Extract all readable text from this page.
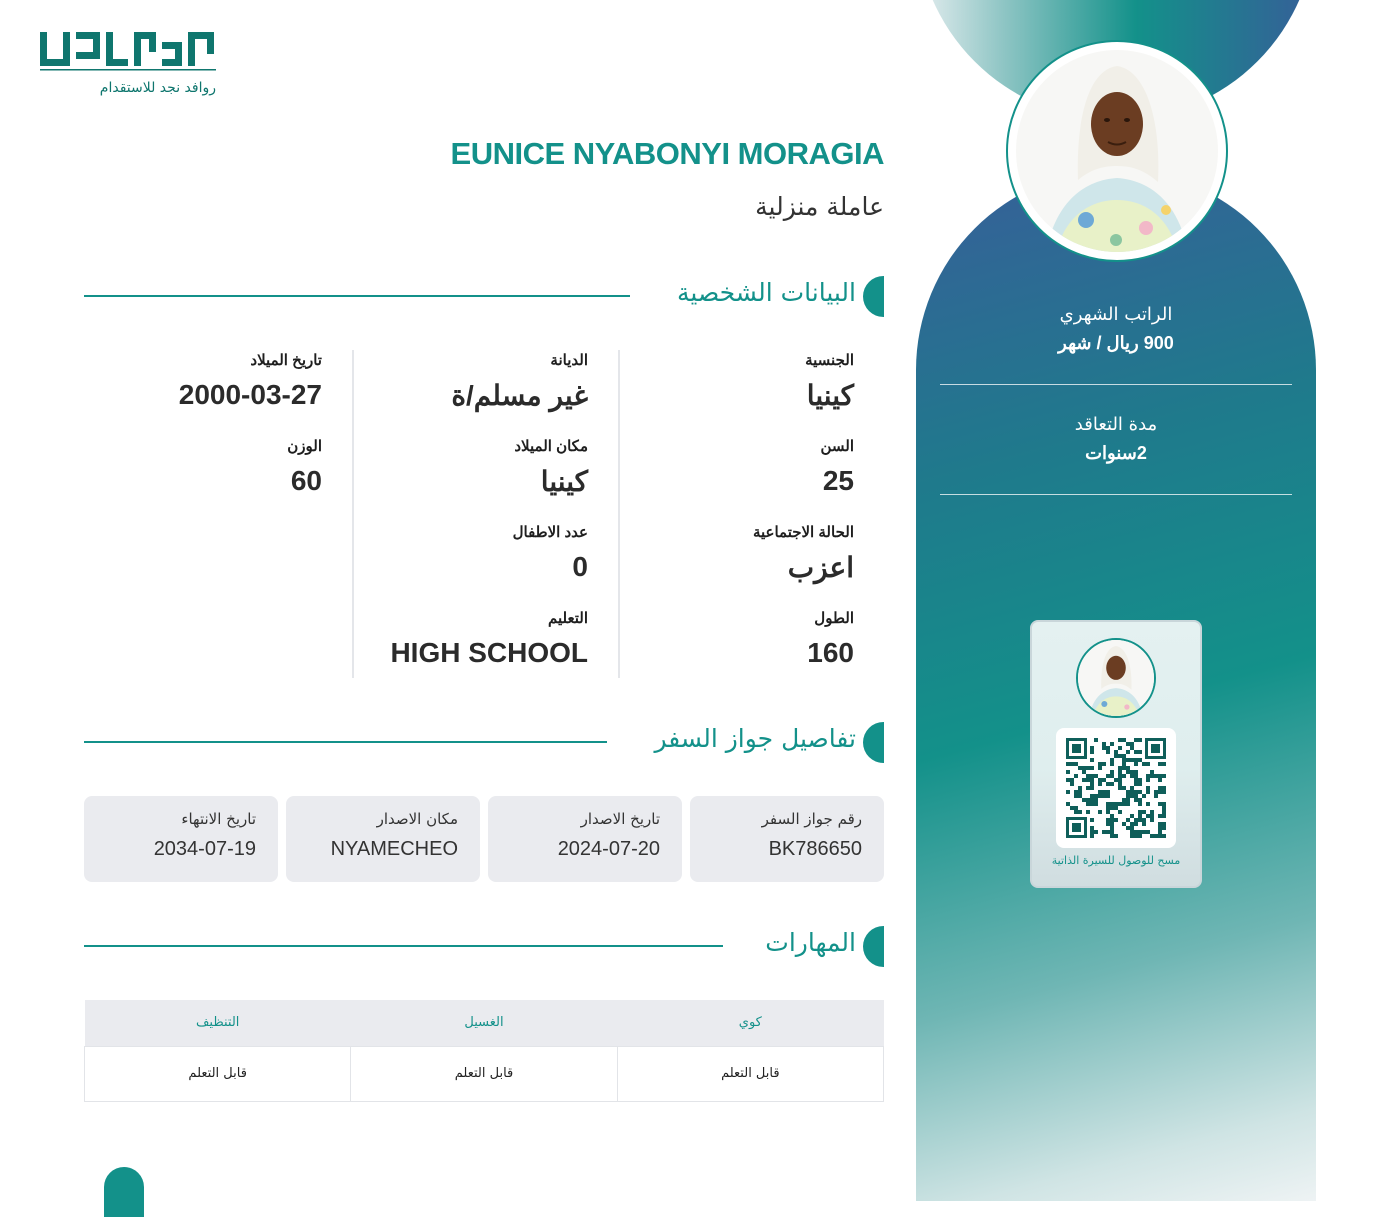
روافد نجد للاستقدام
EUNICE NYABONYI MORAGIA
عاملة منزلية
البيانات الشخصية
الجنسية
كينيا
السن
25
الحالة الاجتماعية
اعزب
الطول
160
الديانة
غير مسلم/ة
مكان الميلاد
كينيا
عدد الاطفال
0
التعليم
HIGH SCHOOL
تاريخ الميلاد
2000-03-27
الوزن
60
تفاصيل جواز السفر
رقم جواز السفر
BK786650
تاريخ الاصدار
2024-07-20
مكان الاصدار
NYAMECHEO
تاريخ الانتهاء
2034-07-19
المهارات
كوي	الغسيل	التنظيف
قابل التعلم	قابل التعلم	قابل التعلم
الراتب الشهري
900 ريال / شهر
مدة التعاقد
2سنوات
مسح للوصول للسيرة الذاتية
